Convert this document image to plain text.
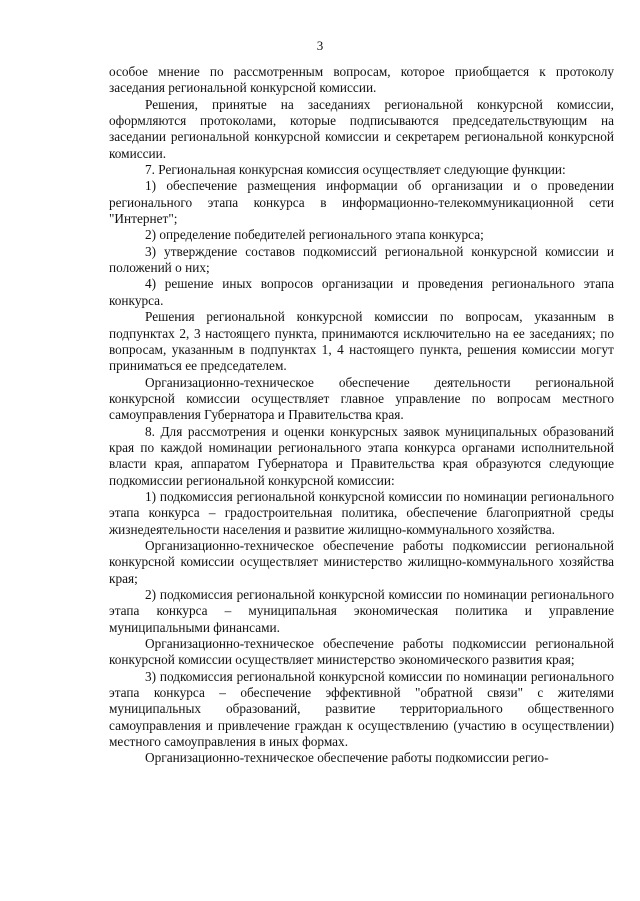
3

особое мнение по рассмотренным вопросам, которое приобщается к протоколу заседания региональной конкурсной комиссии.

Решения, принятые на заседаниях региональной конкурсной комиссии, оформляются протоколами, которые подписываются председательствующим на заседании региональной конкурсной комиссии и секретарем региональной конкурсной комиссии.

7. Региональная конкурсная комиссия осуществляет следующие функции:

1) обеспечение размещения информации об организации и о проведении регионального этапа конкурса в информационно-телекоммуникационной сети "Интернет";

2) определение победителей регионального этапа конкурса;

3) утверждение составов подкомиссий региональной конкурсной комиссии и положений о них;

4) решение иных вопросов организации и проведения регионального этапа конкурса.

Решения региональной конкурсной комиссии по вопросам, указанным в подпунктах 2, 3 настоящего пункта, принимаются исключительно на ее заседаниях; по вопросам, указанным в подпунктах 1, 4 настоящего пункта, решения комиссии могут приниматься ее председателем.

Организационно-техническое обеспечение деятельности региональной конкурсной комиссии осуществляет главное управление по вопросам местного самоуправления Губернатора и Правительства края.

8. Для рассмотрения и оценки конкурсных заявок муниципальных образований края по каждой номинации регионального этапа конкурса органами исполнительной власти края, аппаратом Губернатора и Правительства края образуются следующие подкомиссии региональной конкурсной комиссии:

1) подкомиссия региональной конкурсной комиссии по номинации регионального этапа конкурса – градостроительная политика, обеспечение благоприятной среды жизнедеятельности населения и развитие жилищно-коммунального хозяйства.

Организационно-техническое обеспечение работы подкомиссии региональной конкурсной комиссии осуществляет министерство жилищно-коммунального хозяйства края;

2) подкомиссия региональной конкурсной комиссии по номинации регионального этапа конкурса – муниципальная экономическая политика и управление муниципальными финансами.

Организационно-техническое обеспечение работы подкомиссии региональной конкурсной комиссии осуществляет министерство экономического развития края;

3) подкомиссия региональной конкурсной комиссии по номинации регионального этапа конкурса – обеспечение эффективной "обратной связи" с жителями муниципальных образований, развитие территориального общественного самоуправления и привлечение граждан к осуществлению (участию в осуществлении) местного самоуправления в иных формах.

Организационно-техническое обеспечение работы подкомиссии регио-
